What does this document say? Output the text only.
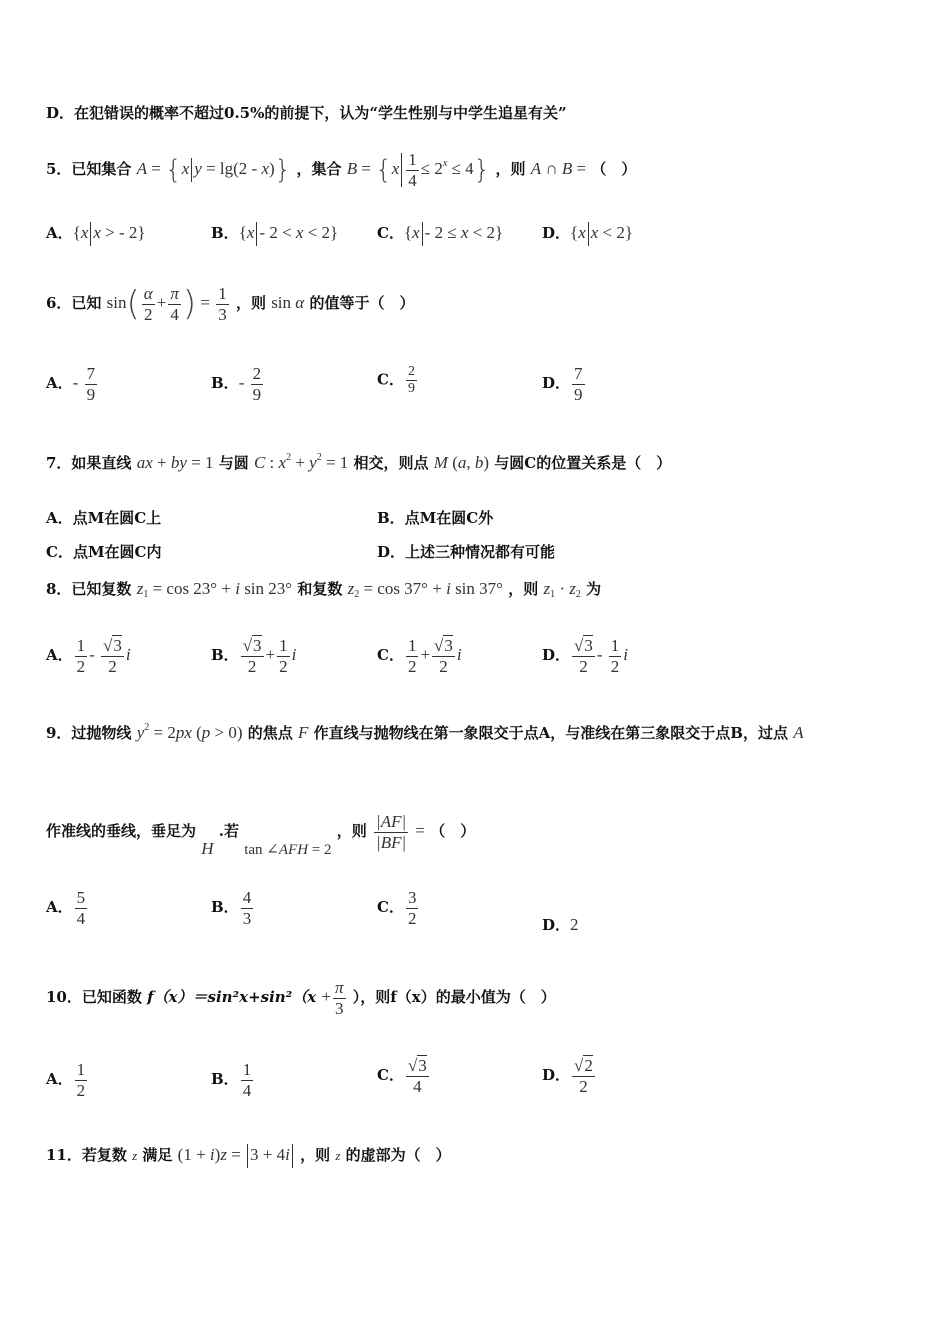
D．在犯错误的概率不超过0.5%的前提下，认为“学生性别与中学生追星有关”
5．已知集合 A = {x y = lg(2 - x)} ，集合 $B = \{x \frac{1}{4} \le 2^x \le 4\}$ ，则 A ∩ B = （　）
A．{x x > - 2}	B．{x - 2 < x < 2}	C．{x - 2 ≤ x < 2}	D．{x x < 2}
6．已知 $\sin( \frac{\alpha}{2} + \frac{\pi}{4}$ ) = $\frac{1}{3}$ ，则 sin α 的值等于（　）
A．- $\frac{7}{9}$	B．- $\frac{2}{9}$	C． $\frac{2}{9}$	D． $\frac{7}{9}$
7．如果直线 ax + by = 1 与圆 C : $x^2 + y^2 = 1$ 相交，则点 M (a, b) 与圆C的位置关系是（　）
A．点M在圆C上	B．点M在圆C外
C．点M在圆C内	D．上述三种情况都有可能
8．已知复数 $z_1 = \cos 23^\circ + i$ sin 23° 和复数 $z_2 = \cos 37^\circ + i$ sin 37° ，则 $z_1 \cdot z_2$ 为
A． $\frac{1}{2} - \frac{√3}{2}$ i	B． $\frac{√3}{2} + \frac{1}{2}$ i	C． $\frac{1}{2} + \frac{√3}{2}$ i	D． $\frac{√3}{2} - \frac{1}{2}$ i
9．过抛物线 $y^2 = 2px$ (p > 0) 的焦点 F 作直线与抛物线在第一象限交于点A，与准线在第三象限交于点B，过点 A
作准线的垂线，垂足为 H .若 tan ∠AFH = 2 ，则 $\frac{|AF|}{|BF|}$ = （　）
A． $\frac{5}{4}$	B． $\frac{4}{3}$	C． $\frac{3}{2}$	D．2
10．已知函数 $f(x)=\sin^2x+\sin^2(x + \frac{\pi}{3}$ ），则f（x）的最小值为（　）
A． $\frac{1}{2}$	B． $\frac{1}{4}$	C． $\frac{√3}{4}$	D． $\frac{√2}{2}$
11．若复数 z 满足 (1 + i)z = 3 + 4i ，则 z 的虚部为（　）
